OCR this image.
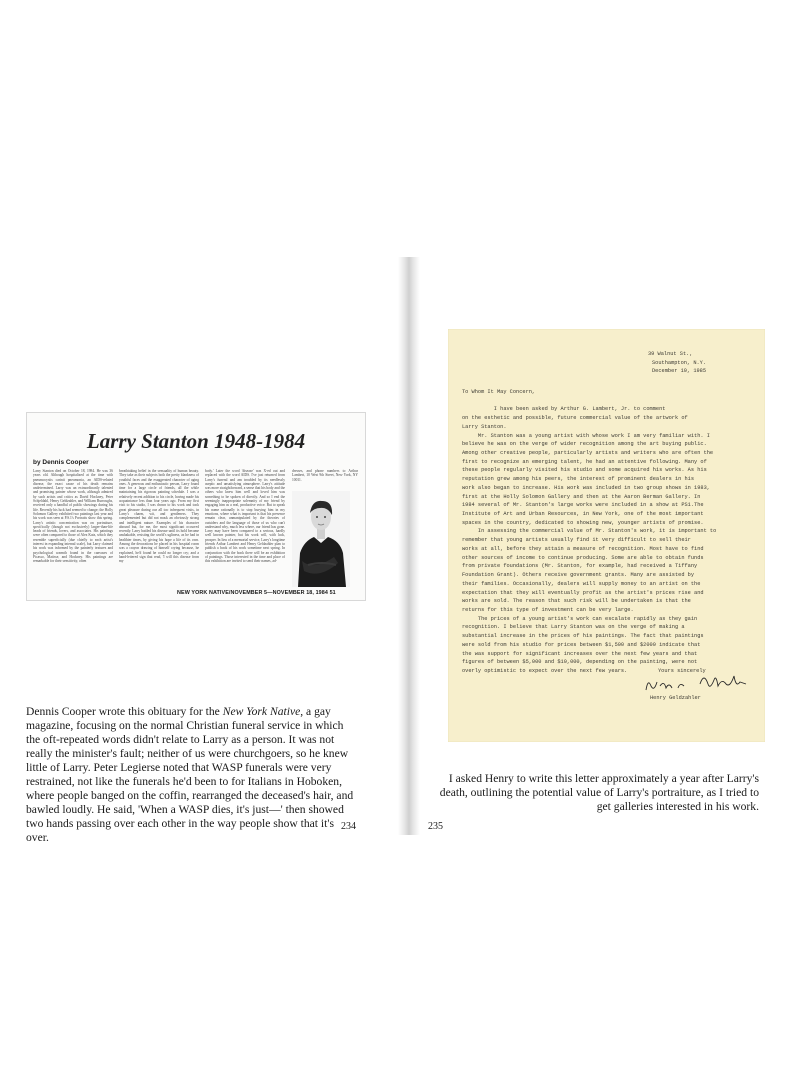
Larry Stanton 1948-1984
by Dennis Cooper
Larry Stanton died on October 18, 1984. He was 36 years old. Although hospitalized at the time with pneumocystis carinii pneumonia, an AIDS-related disease, the exact cause of his death remains undetermined. Larry was an extraordinarily talented and promising painter whose work, although admired by such artists and critics as David Hockney, Peter Schjeldahl, Henry Geldzahler, and William Burroughs, received only a handful of public showings during his life. Recently his luck had seemed to change; the Holly Solomon Gallery exhibited two paintings last year and his work was seen at P.S.1's Portraits show this spring. Larry's artistic concentration was on portraiture, specifically (though not exclusively) larger-than-life heads of friends, lovers, and associates. His paintings were often compared to those of Alex Katz, which they resemble superficially (due chiefly to each artist's interest in expanding internal scale), but Larry claimed his work was informed by the painterly textures and psychological warmth found in the canvases of Picasso, Matisse, and Hockney. His paintings are remarkable for their sensitivity, often
breathtaking belief in the sensuality of human beauty. They take as their subjects both the pretty blankness of youthful faces and the exaggerated character of aging ones. A generous and enthusiastic person, Larry found time for a large circle of friends, all the while maintaining his rigorous painting schedule. I was a relatively recent addition to his circle, having made his acquaintance less than four years ago. From my first visit to his studio, I was drawn to his work and took great pleasure during our all too infrequent visits, in Larry's charm, wit, and gentleness. They complemented but did not mask an obviously strong and intelligent nature. Examples of his character abound but, for me, the most significant occurred recently. Larry battled his disease until its hold became unshakable, resisting the world's ugliness, as he had in healthier times, by giving his hope a life of its own. Among the decorations he placed in his hospital room was a crayon drawing of himself crying because, he explained, he'd found he could no longer cry; and a hand-lettered sign that read, 'I will this disease from my
body.' Later the word 'disease' was X-ed out and replaced with the word AIDS. I've just returned from Larry's funeral and am troubled by its needlessly aseptic and unsatisfying atmosphere. Larry's attitude was more straightforward, a sense that his body and the others who knew him well and loved him was something to be spoken of directly. And so I end the seemingly inappropriate solemnity of my friend by engaging him as a real, productive voice. But to speak his name rationally is to stop burying him in my emotions, where what is important is that his presence remain clear, unmanipulated by the theories of outsiders and the language of those of us who can't understand why, much less where, our friend has gone. Larry may have been compared to a serious, hardly well known painter, but his work will, with luck, prosper. In lieu of a memorial service, Larry's longtime friends Arthur Lambert and Henry Geldzahler plan to publish a book of his work sometime next spring. In conjunction with the book there will be an exhibition of paintings. Those interested in the time and place of this exhibition are invited to send their names, ad-
dresses, and phone numbers to Arthur Lambert, 10 West 9th Street, New York, NY 10011.
NEW YORK NATIVE/NOVEMBER 5—NOVEMBER 18, 1984 51
Dennis Cooper wrote this obituary for the New York Native, a gay magazine, focusing on the normal Christian funeral service in which the oft-repeated words didn't relate to Larry as a person. It was not really the minister's fault; neither of us were churchgoers, so he knew little of Larry. Peter Legierse noted that WASP funerals were very restrained, not like the funerals he'd been to for Italians in Hoboken, where people banged on the coffin, rearranged the deceased's hair, and bawled loudly. He said, 'When a WASP dies, it's just—' then showed two hands passing over each other in the way people show that it's over.
234	235
39 Walnut St.,
Southampton, N.Y.
December 10, 1985
To Whom It May Concern,
I have been asked by Arthur G. Lambert, Jr. to comment
on the esthetic and possible, future commercial value of the artwork of
Larry Stanton.
Mr. Stanton was a young artist with whose work I am very familiar with. I
believe he was on the verge of wider recognition among the art buying public.
Among other creative people, particularly artists and writers who are often the
first to recognize an emerging talent, he had an attentive following. Many of
these people regularly visited his studio and some acquired his works. As his
reputation grew among his peers, the interest of prominent dealers in his
work also began to increase. His work was included in two group shows in 1983,
first at the Holly Solomon Gallery and then at the Aaron Berman Gallery. In
1984 several of Mr. Stanton's large works were included in a show at PS1.The
Institute of Art and Urban Resources, in New York, one of the most important
spaces in the country, dedicated to showing new, younger artists of promise.
In assessing the commercial value of Mr. Stanton's work, it is important to
remember that young artists usually find it very difficult to sell their
works at all, before they attain a measure of recognition. Most have to find
other sources of income to continue producing. Some are able to obtain funds
from private foundations (Mr. Stanton, for example, had received a Tiffany
Foundation Grant). Others receive government grants. Many are assisted by
their families. Occasionally, dealers will supply money to an artist on the
expectation that they will eventually profit as the artist's prices rise and
works are sold. The reason that such risk will be undertaken is that the
returns for this type of investment can be very large.
The prices of a young artist's work can escalate rapidly as they gain
recognition. I believe that Larry Stanton was on the verge of making a
substantial increase in the prices of his paintings. The fact that paintings
were sold from his studio for prices between $1,500 and $2000 indicate that
the was support for significant increases over the next few years and that
figures of between $5,000 and $10,000, depending on the painting, were not
overly optimistic to expect over the next few years.	Yours sincerely
Henry Geldzahler
I asked Henry to write this letter approximately a year after Larry's death, outlining the potential value of Larry's portraiture, as I tried to get galleries interested in his work.
